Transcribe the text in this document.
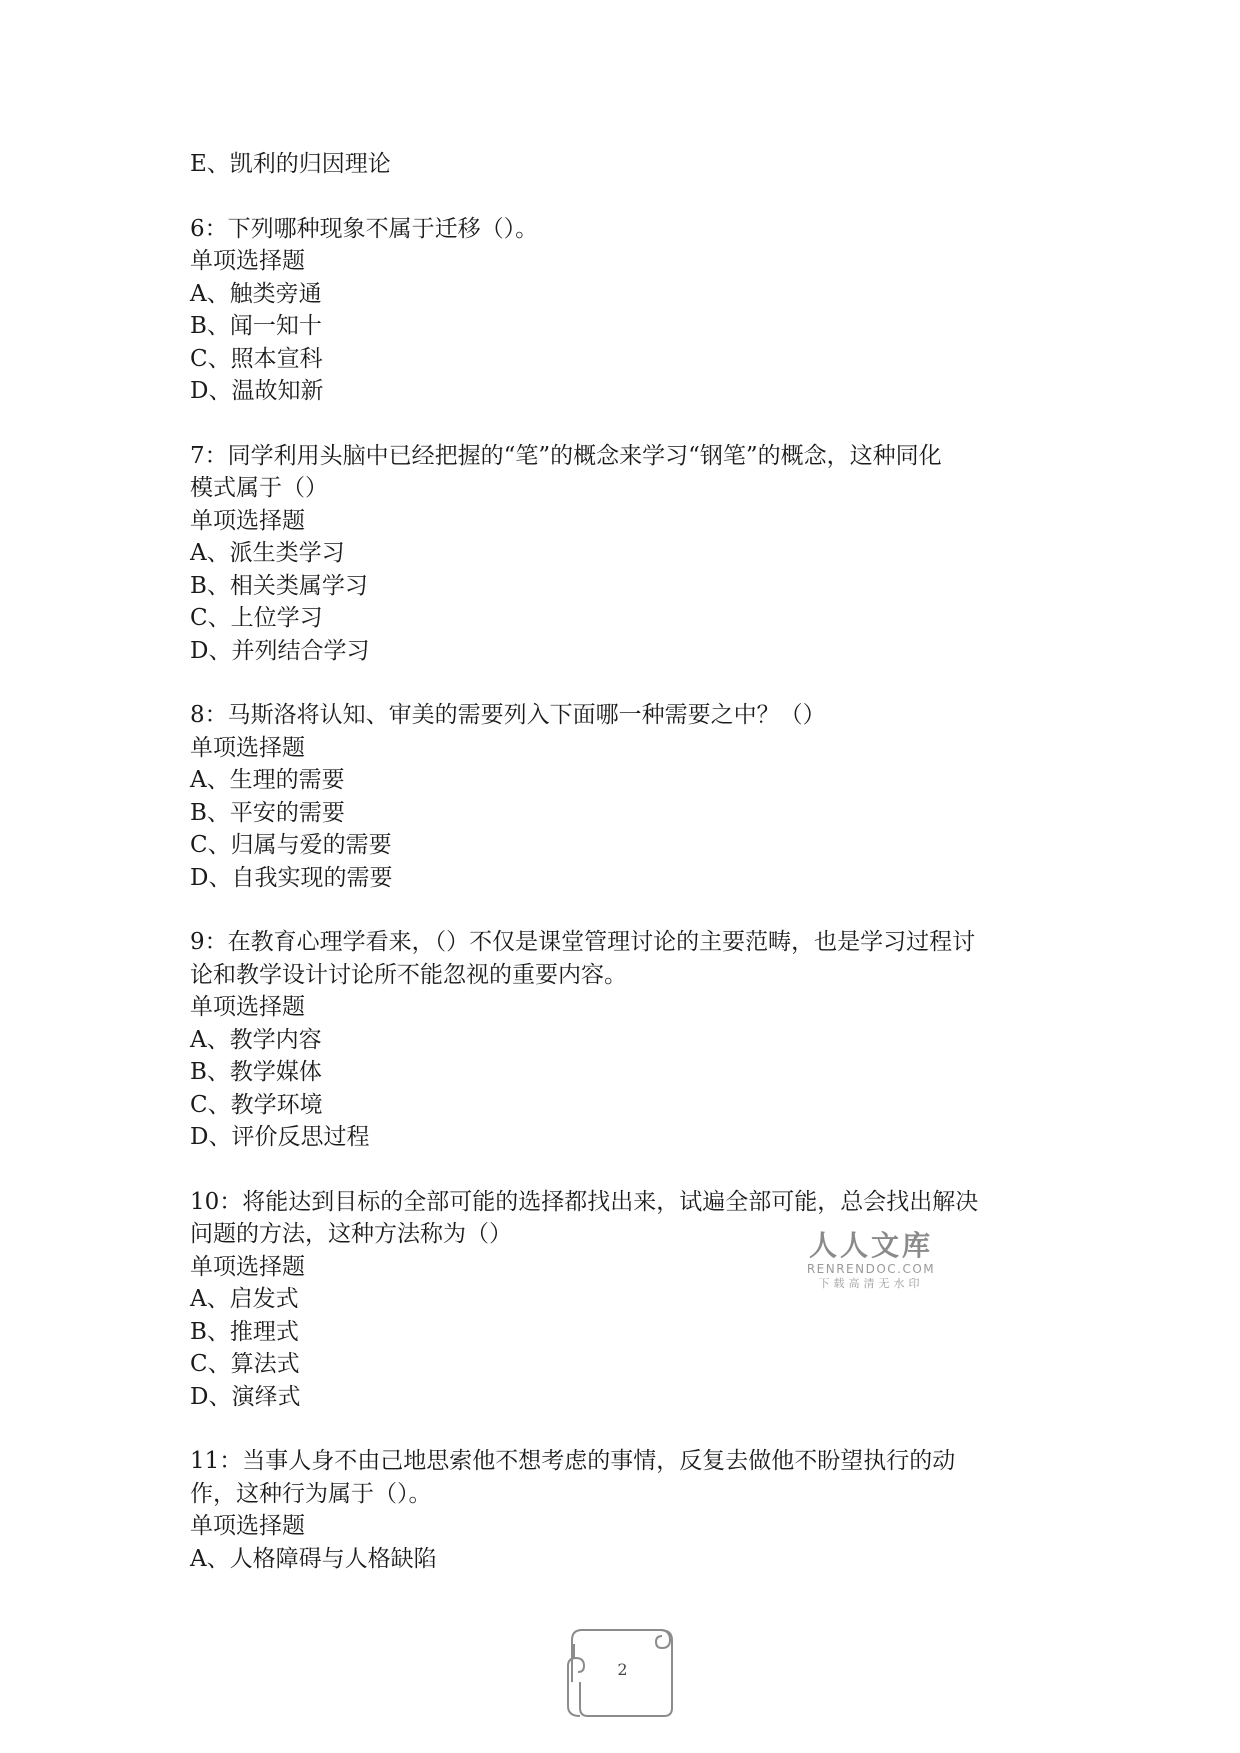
E、凯利的归因理论
6：下列哪种现象不属于迁移（）。
单项选择题
A、触类旁通
B、闻一知十
C、照本宣科
D、温故知新
7：同学利用头脑中已经把握的“笔”的概念来学习“钢笔”的概念，这种同化
模式属于（）
单项选择题
A、派生类学习
B、相关类属学习
C、上位学习
D、并列结合学习
8：马斯洛将认知、审美的需要列入下面哪一种需要之中？（）
单项选择题
A、生理的需要
B、平安的需要
C、归属与爱的需要
D、自我实现的需要
9：在教育心理学看来，（）不仅是课堂管理讨论的主要范畴，也是学习过程讨
论和教学设计讨论所不能忽视的重要内容。
单项选择题
A、教学内容
B、教学媒体
C、教学环境
D、评价反思过程
10：将能达到目标的全部可能的选择都找出来，试遍全部可能，总会找出解决
问题的方法，这种方法称为（）
单项选择题
A、启发式
B、推理式
C、算法式
D、演绎式
11：当事人身不由己地思索他不想考虑的事情，反复去做他不盼望执行的动
作，这种行为属于（）。
单项选择题
A、人格障碍与人格缺陷
人人文库
RENRENDOC.COM
下载高清无水印
2
